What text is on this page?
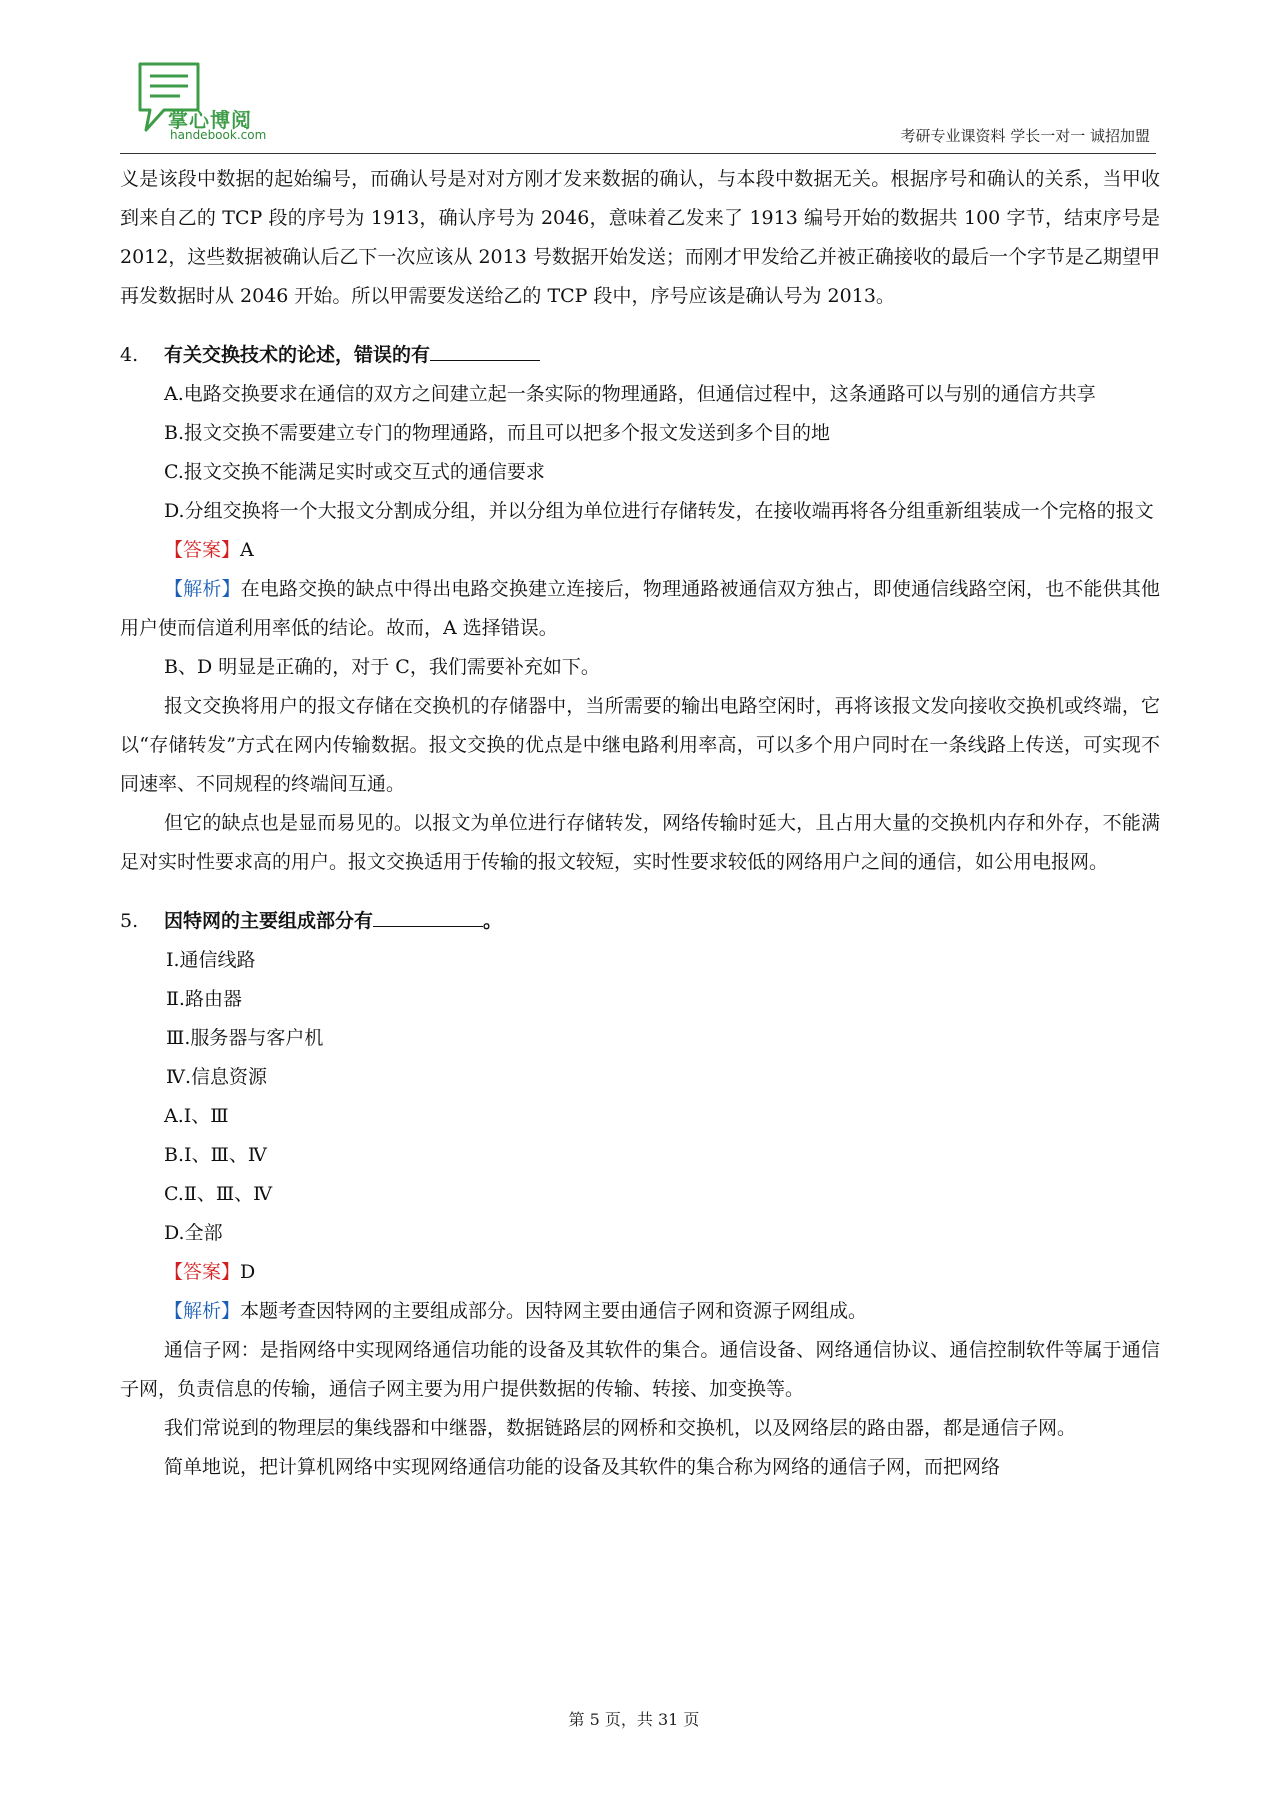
掌心博阅
handebook.com	考研专业课资料 学长一对一 诚招加盟

义是该段中数据的起始编号，而确认号是对对方刚才发来数据的确认，与本段中数据无关。根据序号和确认的关系，当甲收到来自乙的 TCP 段的序号为 1913，确认序号为 2046，意味着乙发来了 1913 编号开始的数据共 100 字节，结束序号是 2012，这些数据被确认后乙下一次应该从 2013 号数据开始发送；而刚才甲发给乙并被正确接收的最后一个字节是乙期望甲再发数据时从 2046 开始。所以甲需要发送给乙的 TCP 段中，序号应该是确认号为 2013。

4. 有关交换技术的论述，错误的有

A.电路交换要求在通信的双方之间建立起一条实际的物理通路，但通信过程中，这条通路可以与别的通信方共享

B.报文交换不需要建立专门的物理通路，而且可以把多个报文发送到多个目的地

C.报文交换不能满足实时或交互式的通信要求

D.分组交换将一个大报文分割成分组，并以分组为单位进行存储转发，在接收端再将各分组重新组装成一个完格的报文

【答案】A

【解析】在电路交换的缺点中得出电路交换建立连接后，物理通路被通信双方独占，即使通信线路空闲，也不能供其他用户使而信道利用率低的结论。故而，A 选择错误。

B、D 明显是正确的，对于 C，我们需要补充如下。

报文交换将用户的报文存储在交换机的存储器中，当所需要的输出电路空闲时，再将该报文发向接收交换机或终端，它以“存储转发”方式在网内传输数据。报文交换的优点是中继电路利用率高，可以多个用户同时在一条线路上传送，可实现不同速率、不同规程的终端间互通。

但它的缺点也是显而易见的。以报文为单位进行存储转发，网络传输时延大，且占用大量的交换机内存和外存，不能满足对实时性要求高的用户。报文交换适用于传输的报文较短，实时性要求较低的网络用户之间的通信，如公用电报网。

5. 因特网的主要组成部分有	。

Ⅰ.通信线路

Ⅱ.路由器

Ⅲ.服务器与客户机

Ⅳ.信息资源

A.Ⅰ、Ⅲ

B.Ⅰ、Ⅲ、Ⅳ

C.Ⅱ、Ⅲ、Ⅳ

D.全部

【答案】D

【解析】本题考查因特网的主要组成部分。因特网主要由通信子网和资源子网组成。

通信子网：是指网络中实现网络通信功能的设备及其软件的集合。通信设备、网络通信协议、通信控制软件等属于通信子网，负责信息的传输，通信子网主要为用户提供数据的传输、转接、加变换等。

我们常说到的物理层的集线器和中继器，数据链路层的网桥和交换机，以及网络层的路由器，都是通信子网。

简单地说，把计算机网络中实现网络通信功能的设备及其软件的集合称为网络的通信子网，而把网络

第 5 页，共 31 页
